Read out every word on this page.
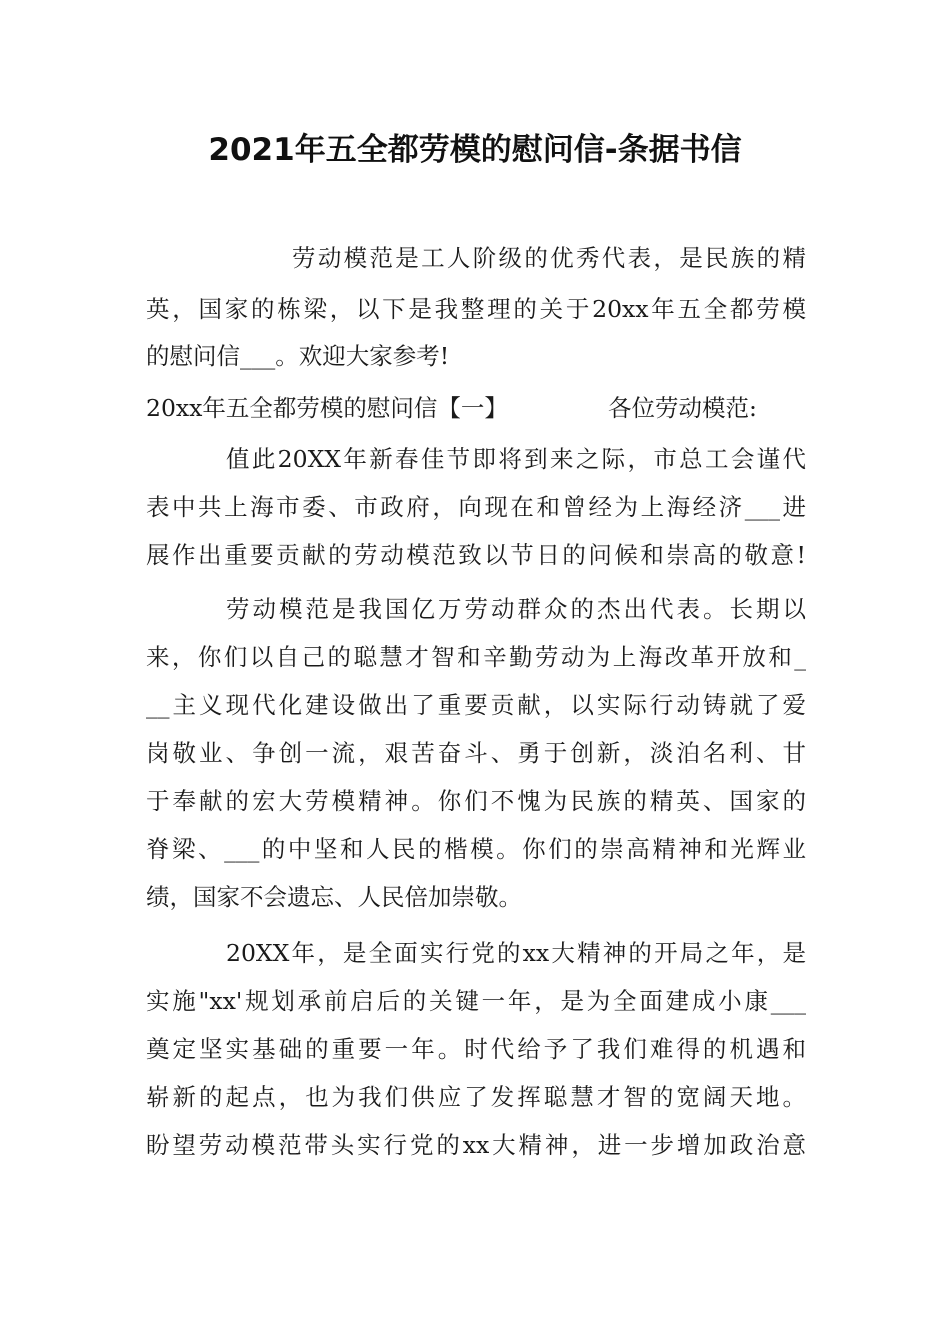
2021年五全都劳模的慰问信-条据书信
劳动模范是工人阶级的优秀代表，是民族的精
英，国家的栋梁，以下是我整理的关于20xx年五全都劳模
的慰问信___。欢迎大家参考!
20xx年五全都劳模的慰问信【一】	各位劳动模范:
值此20XX年新春佳节即将到来之际，市总工会谨代
表中共上海市委、市政府，向现在和曾经为上海经济___进
展作出重要贡献的劳动模范致以节日的问候和崇高的敬意!
劳动模范是我国亿万劳动群众的杰出代表。长期以
来，你们以自己的聪慧才智和辛勤劳动为上海改革开放和_
__主义现代化建设做出了重要贡献，以实际行动铸就了爱
岗敬业、争创一流，艰苦奋斗、勇于创新，淡泊名利、甘
于奉献的宏大劳模精神。你们不愧为民族的精英、国家的
脊梁、___的中坚和人民的楷模。你们的崇高精神和光辉业
绩，国家不会遗忘、人民倍加崇敬。
20XX年，是全面实行党的xx大精神的开局之年，是
实施"xx'规划承前启后的关键一年，是为全面建成小康___
奠定坚实基础的重要一年。时代给予了我们难得的机遇和
崭新的起点，也为我们供应了发挥聪慧才智的宽阔天地。
盼望劳动模范带头实行党的xx大精神，进一步增加政治意
